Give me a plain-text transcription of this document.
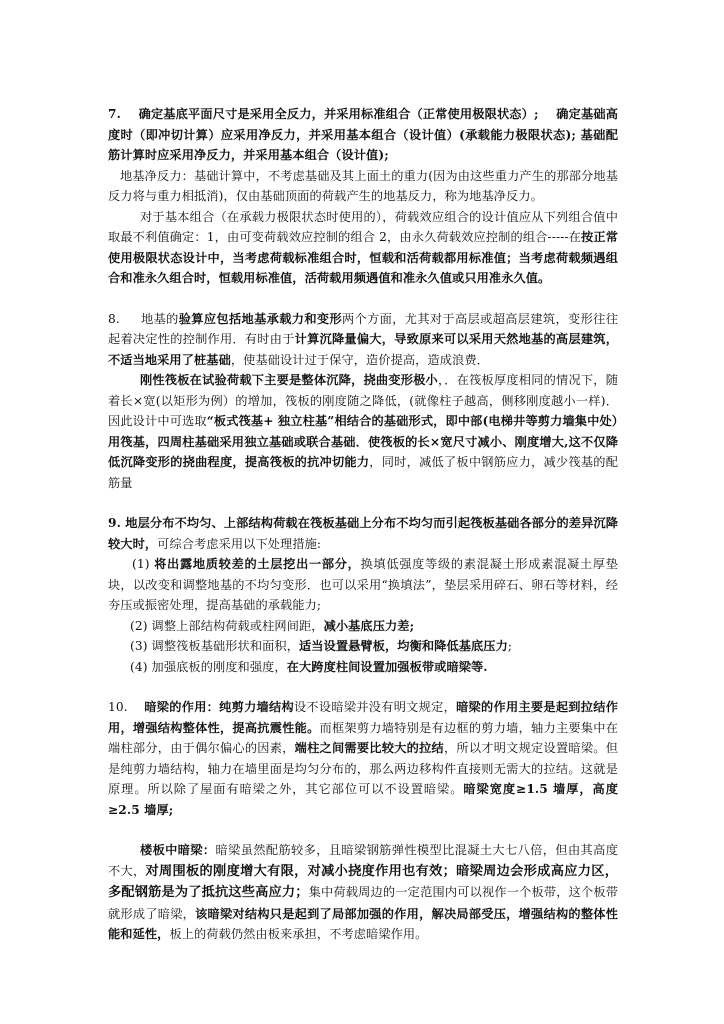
7. 确定基底平面尺寸是采用全反力，并采用标准组合（正常使用极限状态）; 确定基础高度时（即冲切计算）应采用净反力，并采用基本组合（设计值）(承载能力极限状态); 基础配筋计算时应采用净反力，并采用基本组合（设计值);

地基净反力：基础计算中，不考虑基础及其上面土的重力(因为由这些重力产生的那部分地基反力将与重力相抵消)，仅由基础顶面的荷载产生的地基反力，称为地基净反力。

对于基本组合（在承载力极限状态时使用的），荷载效应组合的设计值应从下列组合值中取最不利值确定：1，由可变荷载效应控制的组合 2，由永久荷载效应控制的组合-----在按正常使用极限状态设计中，当考虑荷载标准组合时，恒载和活荷载都用标准值；当考虑荷载频遇组合和准永久组合时，恒载用标准值，活荷载用频遇值和准永久值或只用准永久值。

8. 地基的验算应包括地基承载力和变形两个方面，尤其对于高层或超高层建筑，变形往往起着决定性的控制作用．有时由于计算沉降量偏大，导致原来可以采用天然地基的高层建筑，不适当地采用了桩基础，使基础设计过于保守，造价提高，造成浪费．

刚性筏板在试验荷载下主要是整体沉降，挠曲变形极小，．在筏板厚度相同的情况下，随着长×宽(以矩形为例）的增加，筏板的刚度随之降低，(就像柱子越高，侧移刚度越小一样)．因此设计中可选取“板式筏基+ 独立柱基”相结合的基础形式，即中部(电梯井等剪力墙集中处）用筏基，四周柱基础采用独立基础或联合基础．使筏板的长×宽尺寸减小、刚度增大,这不仅降低沉降变形的挠曲程度，提高筏板的抗冲切能力，同时，减低了板中钢筋应力，减少筏基的配筋量

9. 地层分布不均匀、上部结构荷载在筏板基础上分布不均匀而引起筏板基础各部分的差异沉降较大时，可综合考虑采用以下处理措施:

(1) 将出露地质较差的土层挖出一部分，换填低强度等级的素混凝土形成素混凝土厚垫块，以改变和调整地基的不均匀变形．也可以采用“换填法”，垫层采用碎石、卵石等材料，经夯压或振密处理，提高基础的承载能力;

(2) 调整上部结构荷载或柱网间距，减小基底压力差;

(3) 调整筏板基础形状和面积，适当设置悬臂板，均衡和降低基底压力;

(4) 加强底板的刚度和强度，在大跨度柱间设置加强板带或暗梁等.

10. 暗梁的作用：纯剪力墙结构设不设暗梁并没有明文规定，暗梁的作用主要是起到拉结作用，增强结构整体性，提高抗震性能。而框架剪力墙特别是有边框的剪力墙，轴力主要集中在端柱部分，由于偶尔偏心的因素，端柱之间需要比较大的拉结，所以才明文规定设置暗梁。但是纯剪力墙结构，轴力在墙里面是均匀分布的，那么两边移构件直接则无需大的拉结。这就是原理。所以除了屋面有暗梁之外，其它部位可以不设置暗梁。暗梁宽度≥1.5 墙厚，高度≥2.5 墙厚;

楼板中暗梁：暗梁虽然配筋较多，且暗梁钢筋弹性模型比混凝土大七八倍，但由其高度不大，对周围板的刚度增大有限，对减小挠度作用也有效；暗梁周边会形成高应力区，多配钢筋是为了抵抗这些高应力；集中荷载周边的一定范围内可以视作一个板带，这个板带就形成了暗梁，该暗梁对结构只是起到了局部加强的作用，解决局部受压，增强结构的整体性能和延性，板上的荷载仍然由板来承担，不考虑暗梁作用。
